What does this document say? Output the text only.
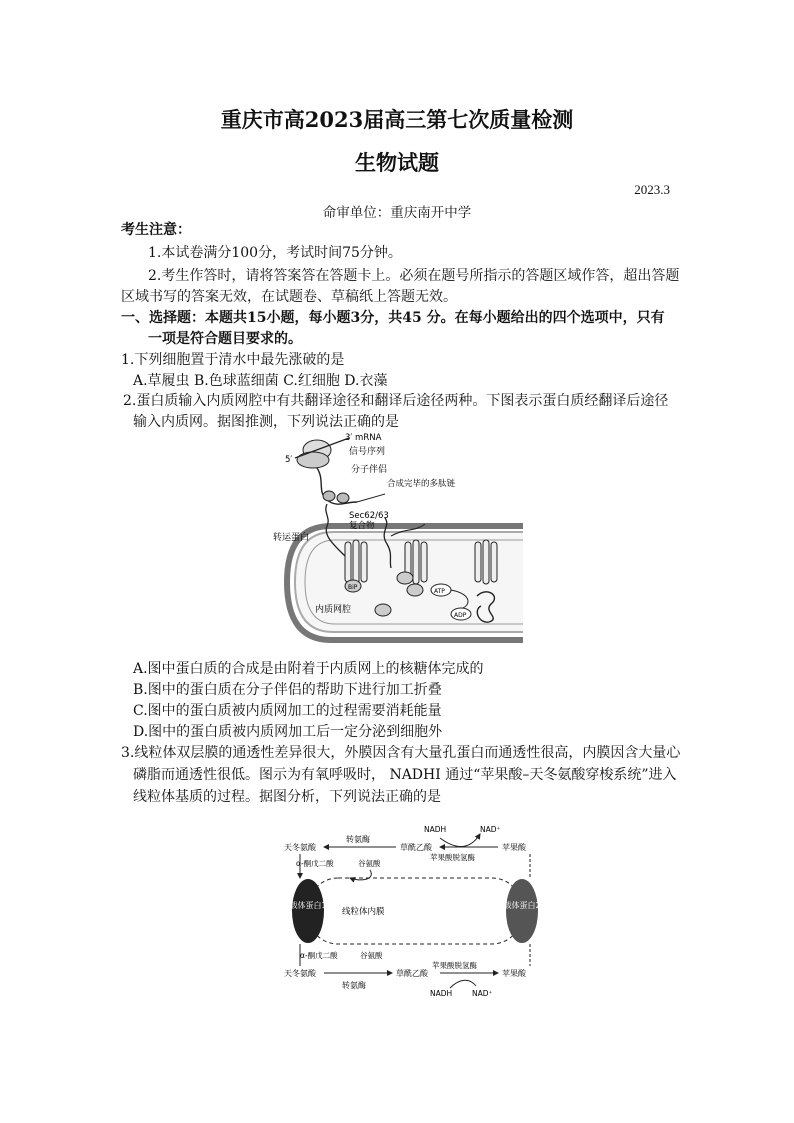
重庆市高2023届高三第七次质量检测
生物试题
2023.3
命审单位：重庆南开中学
考生注意：
1.本试卷满分100分，考试时间75分钟。
2.考生作答时，请将答案答在答题卡上。必须在题号所指示的答题区域作答，超出答题
区域书写的答案无效，在试题卷、草稿纸上答题无效。
一、选择题：本题共15小题，每小题3分，共45 分。在每小题给出的四个选项中，只有
一项是符合题目要求的。
1.下列细胞置于清水中最先涨破的是
A.草履虫 B.色球蓝细菌 C.红细胞 D.衣藻
2.蛋白质输入内质网腔中有共翻译途径和翻译后途径两种。下图表示蛋白质经翻译后途径
输入内质网。据图推测，下列说法正确的是
3′ mRNA
5′
信号序列
分子伴侣
合成完毕的多肽链
Sec62/63
复合物
转运蛋白
内质网腔
BiP
ATP
ADP
A.图中蛋白质的合成是由附着于内质网上的核糖体完成的
B.图中的蛋白质在分子伴侣的帮助下进行加工折叠
C.图中的蛋白质被内质网加工的过程需要消耗能量
D.图中的蛋白质被内质网加工后一定分泌到细胞外
3.线粒体双层膜的通透性差异很大，外膜因含有大量孔蛋白而通透性很高，内膜因含大量心
磷脂而通透性很低。图示为有氧呼吸时， NADHI 通过“苹果酸–天冬氨酸穿梭系统”进入
线粒体基质的过程。据图分析，下列说法正确的是
载体蛋白1	载体蛋白2
线粒体内膜
天冬氨酸
转氨酶
草酰乙酸
NADH	NAD⁺
苹果酸
苹果酸脱氢酶
α-酮戊二酸	谷氨酸
α-酮戊二酸	谷氨酸
天冬氨酸	草酰乙酸
转氨酶
苹果酸脱氢酶
苹果酸
NADH	NAD⁺
